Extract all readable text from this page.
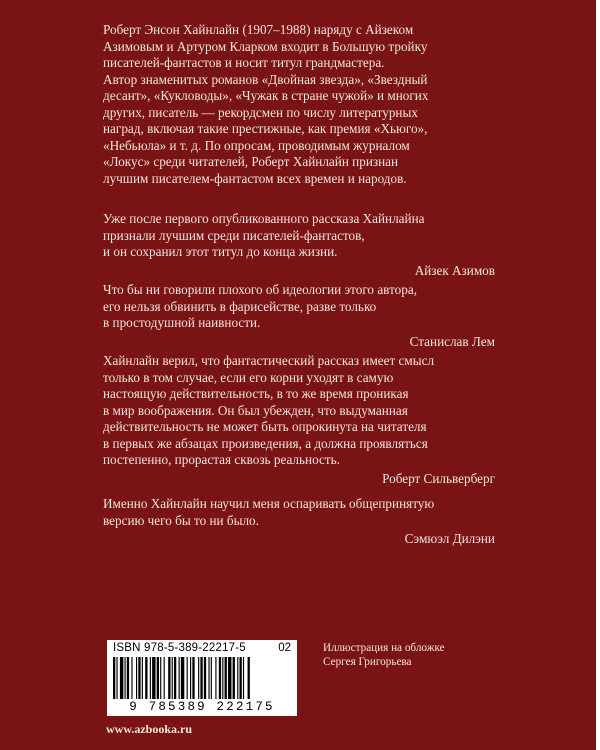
Роберт Энсон Хайнлайн (1907–1988) наряду с Айзеком
Азимовым и Артуром Кларком входит в Большую тройку
писателей-фантастов и носит титул грандмастера.
Автор знаменитых романов «Двойная звезда», «Звездный
десант», «Кукловоды», «Чужак в стране чужой» и многих
других, писатель — рекордсмен по числу литературных
наград, включая такие престижные, как премия «Хьюго»,
«Небьюла» и т. д. По опросам, проводимым журналом
«Локус» среди читателей, Роберт Хайнлайн признан
лучшим писателем-фантастом всех времен и народов.
Уже после первого опубликованного рассказа Хайнлайна
признали лучшим среди писателей-фантастов,
и он сохранил этот титул до конца жизни.
Айзек Азимов
Что бы ни говорили плохого об идеологии этого автора,
его нельзя обвинить в фарисействе, разве только
в простодушной наивности.
Станислав Лем
Хайнлайн верил, что фантастический рассказ имеет смысл
только в том случае, если его корни уходят в самую
настоящую действительность, в то же время проникая
в мир воображения. Он был убежден, что выдуманная
действительность не может быть опрокинута на читателя
в первых же абзацах произведения, а должна проявляться
постепенно, прорастая сквозь реальность.
Роберт Сильверберг
Именно Хайнлайн научил меня оспаривать общепринятую
версию чего бы то ни было.
Сэмюэл Дилэни
ISBN 978-5-389-22217-5	02
9 785389 222175
Иллюстрация на обложке
Сергея Григорьева
www.azbooka.ru
